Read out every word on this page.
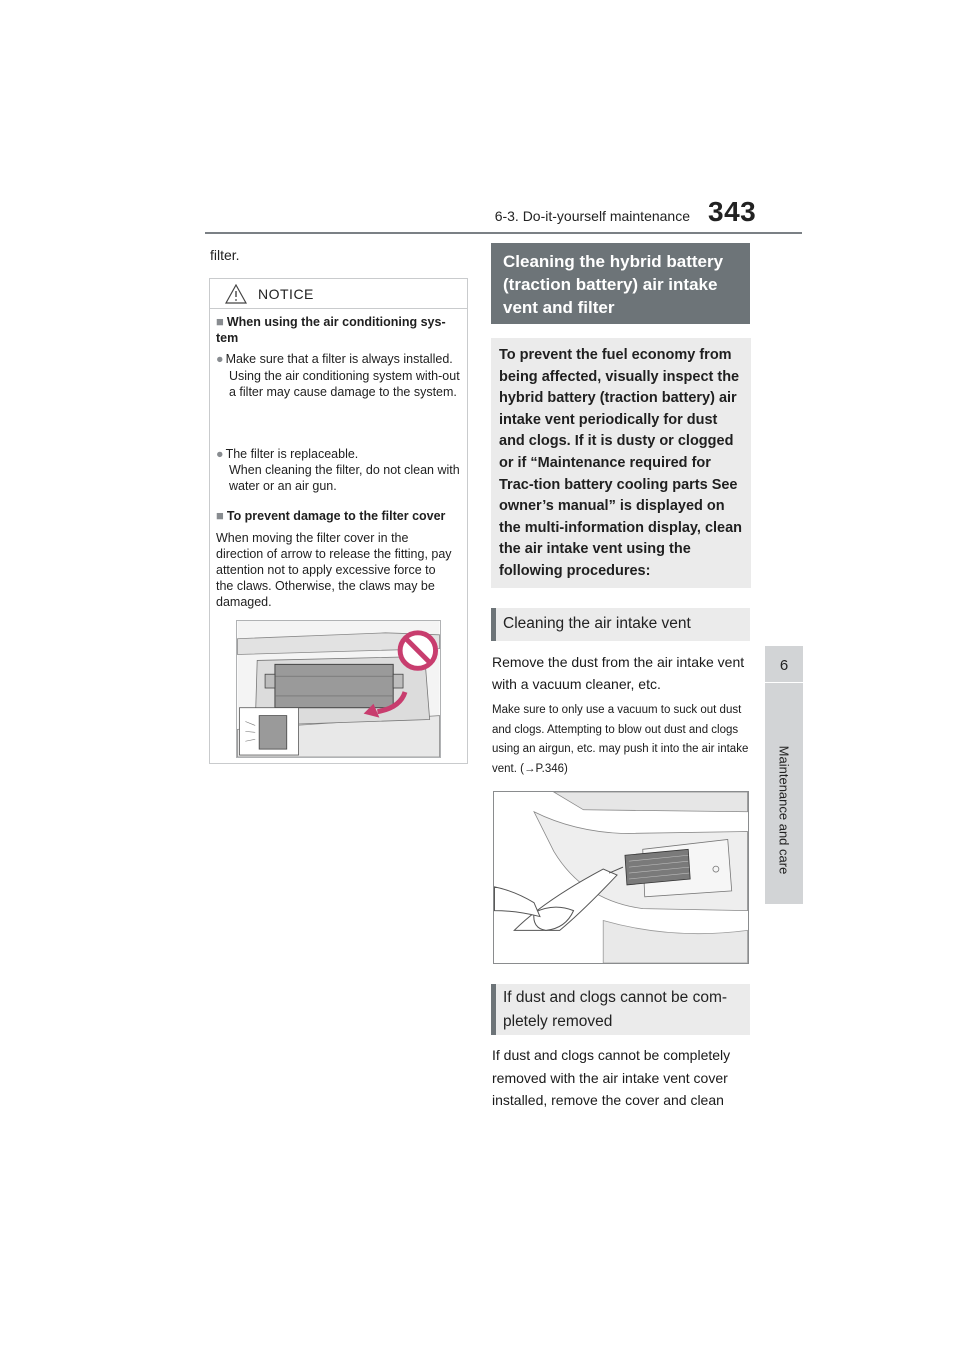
6-3. Do-it-yourself maintenance 343
6
Maintenance and care
filter.
NOTICE
■ When using the air conditioning sys-tem
● Make sure that a filter is always installed.
Using the air conditioning system with-out a filter may cause damage to the system.
● The filter is replaceable.
When cleaning the filter, do not clean with water or an air gun.
■ To prevent damage to the filter cover
When moving the filter cover in the direction of arrow to release the fitting, pay attention not to apply excessive force to the claws. Otherwise, the claws may be damaged.
Cleaning the hybrid battery (traction battery) air intake vent and filter
To prevent the fuel economy from being affected, visually inspect the hybrid battery (traction battery) air intake vent periodically for dust and clogs. If it is dusty or clogged or if “Maintenance required for Trac-tion battery cooling parts See owner’s manual” is displayed on the multi-information display, clean the air intake vent using the following procedures:
Cleaning the air intake vent
Remove the dust from the air intake vent with a vacuum cleaner, etc.
Make sure to only use a vacuum to suck out dust and clogs. Attempting to blow out dust and clogs using an airgun, etc. may push it into the air intake vent. (→P.346)
If dust and clogs cannot be com-pletely removed
If dust and clogs cannot be completely removed with the air intake vent cover installed, remove the cover and clean
